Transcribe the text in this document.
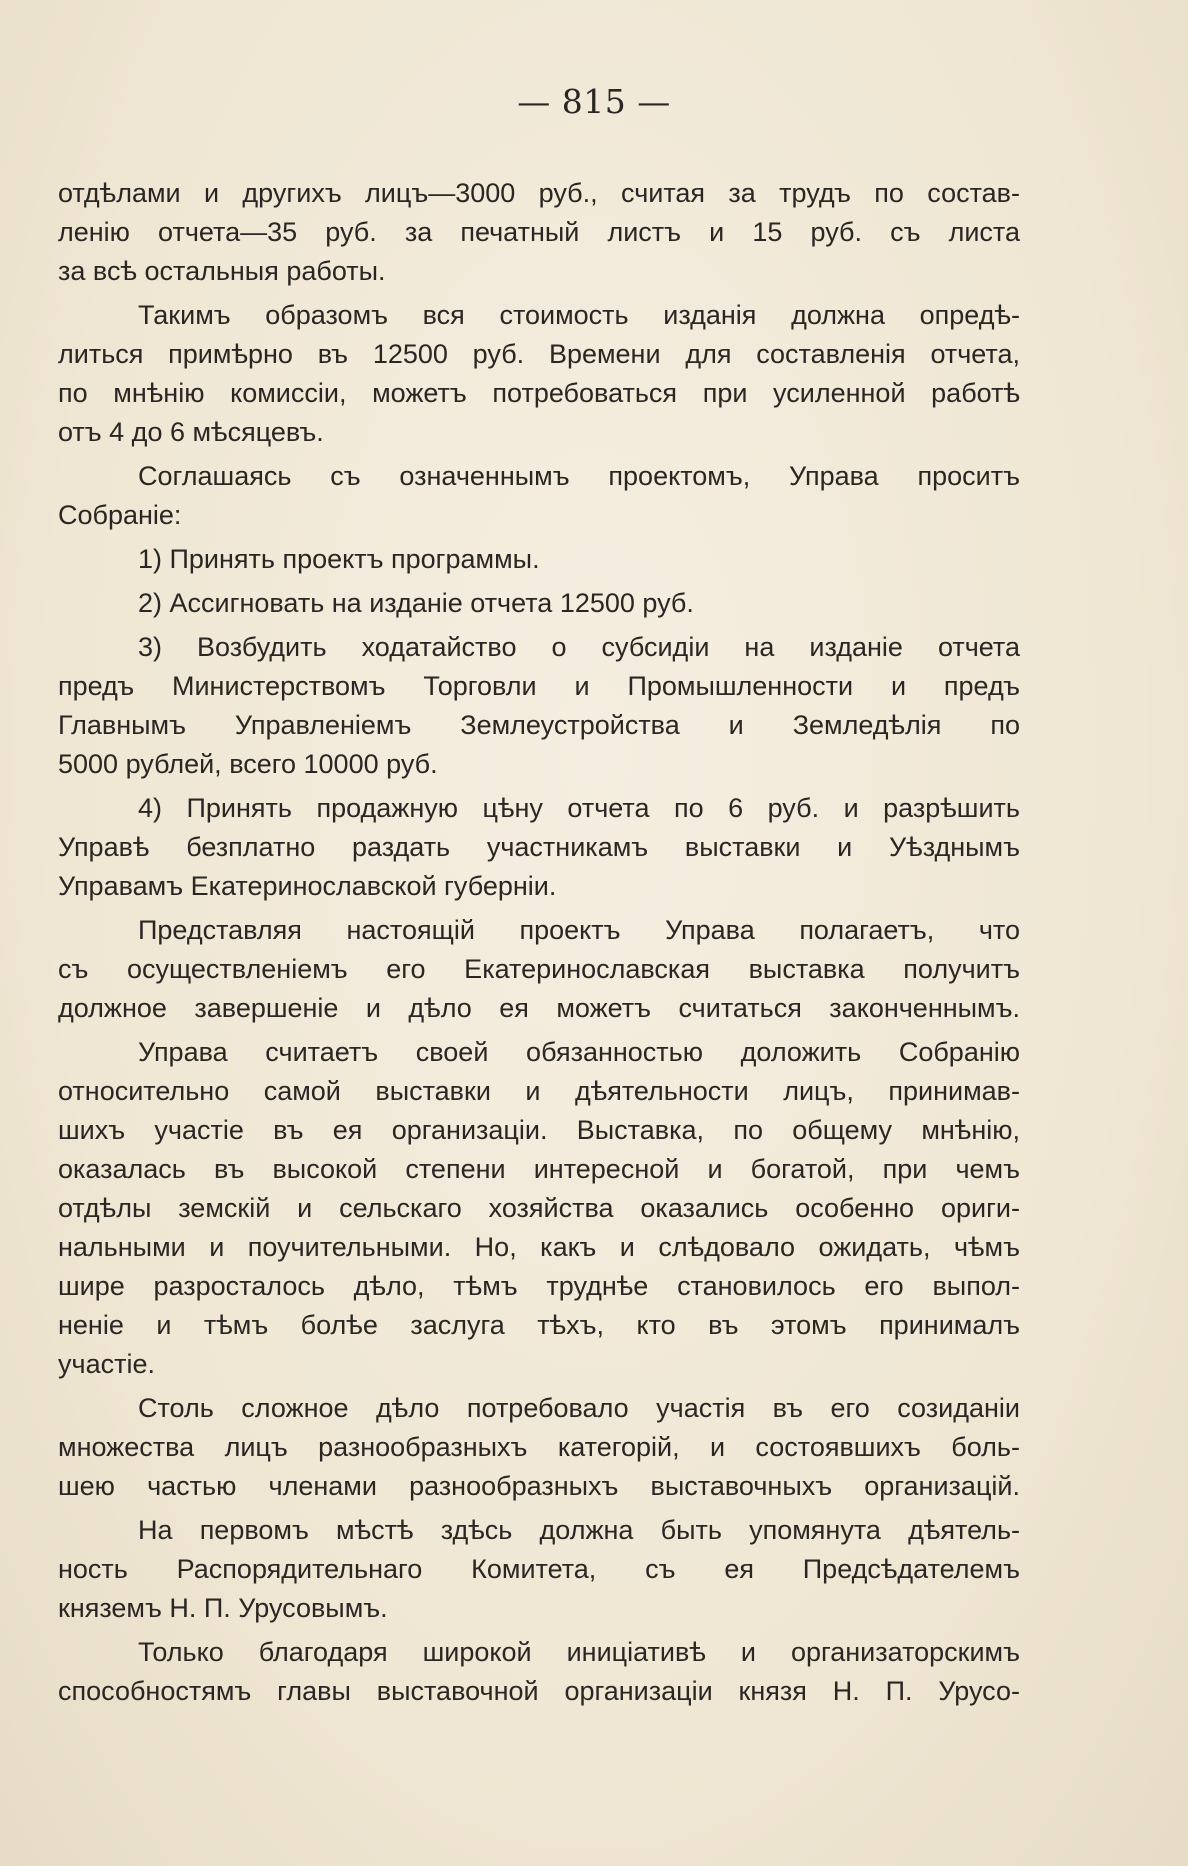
— 815 —
отдѣлами и другихъ лицъ—3000 руб., считая за трудъ по состав-
ленію отчета—35 руб. за печатный листъ и 15 руб. съ листа
за всѣ остальныя работы.
Такимъ образомъ вся стоимость изданія должна опредѣ-
литься примѣрно въ 12500 руб. Времени для составленія отчета,
по мнѣнію комиссіи, можетъ потребоваться при усиленной работѣ
отъ 4 до 6 мѣсяцевъ.
Соглашаясь съ означеннымъ проектомъ, Управа проситъ
Собраніе:
1) Принять проектъ программы.
2) Ассигновать на изданіе отчета 12500 руб.
3) Возбудить ходатайство о субсидіи на изданіе отчета
предъ Министерствомъ Торговли и Промышленности и предъ
Главнымъ Управленіемъ Землеустройства и Земледѣлія по
5000 рублей, всего 10000 руб.
4) Принять продажную цѣну отчета по 6 руб. и разрѣшить
Управѣ безплатно раздать участникамъ выставки и Уѣзднымъ
Управамъ Екатеринославской губерніи.
Представляя настоящій проектъ Управа полагаетъ, что
съ осуществленіемъ его Екатеринославская выставка получитъ
должное завершеніе и дѣло ея можетъ считаться законченнымъ.
Управа считаетъ своей обязанностью доложить Собранію
относительно самой выставки и дѣятельности лицъ, принимав-
шихъ участіе въ ея организаціи. Выставка, по общему мнѣнію,
оказалась въ высокой степени интересной и богатой, при чемъ
отдѣлы земскій и сельскаго хозяйства оказались особенно ориги-
нальными и поучительными. Но, какъ и слѣдовало ожидать, чѣмъ
шире разросталось дѣло, тѣмъ труднѣе становилось его выпол-
неніе и тѣмъ болѣе заслуга тѣхъ, кто въ этомъ принималъ
участіе.
Столь сложное дѣло потребовало участія въ его созиданіи
множества лицъ разнообразныхъ категорій, и состоявшихъ боль-
шею частью членами разнообразныхъ выставочныхъ организацій.
На первомъ мѣстѣ здѣсь должна быть упомянута дѣятель-
ность Распорядительнаго Комитета, съ ея Предсѣдателемъ
княземъ Н. П. Урусовымъ.
Только благодаря широкой иниціативѣ и организаторскимъ
способностямъ главы выставочной организаціи князя Н. П. Урусо-
